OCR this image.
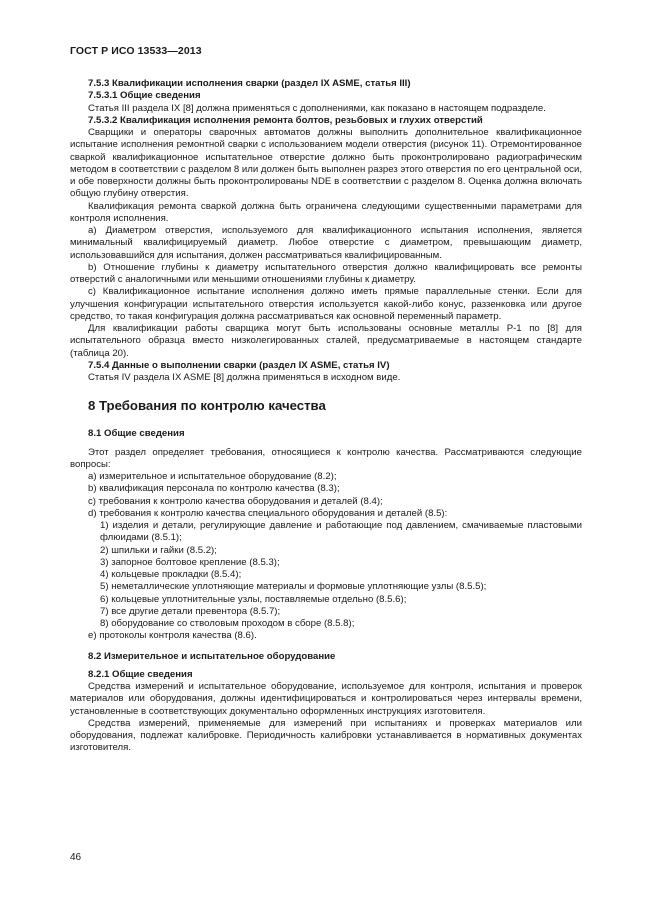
ГОСТ Р ИСО 13533—2013

7.5.3 Квалификации исполнения сварки (раздел IX ASME, статья III)

7.5.3.1 Общие сведения

Статья III раздела IX [8] должна применяться с дополнениями, как показано в настоящем подразделе.

7.5.3.2 Квалификация исполнения ремонта болтов, резьбовых и глухих отверстий

Сварщики и операторы сварочных автоматов должны выполнить дополнительное квалификационное испытание исполнения ремонтной сварки с использованием модели отверстия (рисунок 11). Отремонтированное сваркой квалификационное испытательное отверстие должно быть проконтролировано радиографическим методом в соответствии с разделом 8 или должен быть выполнен разрез этого отверстия по его центральной оси, и обе поверхности должны быть проконтролированы NDE в соответствии с разделом 8. Оценка должна включать общую глубину отверстия.

Квалификация ремонта сваркой должна быть ограничена следующими существенными параметрами для контроля исполнения.

а) Диаметром отверстия, используемого для квалификационного испытания исполнения, является минимальный квалифицируемый диаметр. Любое отверстие с диаметром, превышающим диаметр, использовавшийся для испытания, должен рассматриваться квалифицированным.

b) Отношение глубины к диаметру испытательного отверстия должно квалифицировать все ремонты отверстий с аналогичными или меньшими отношениями глубины к диаметру.

с) Квалификационное испытание исполнения должно иметь прямые параллельные стенки. Если для улучшения конфигурации испытательного отверстия используется какой-либо конус, раззенковка или другое средство, то такая конфигурация должна рассматриваться как основной переменный параметр.

Для квалификации работы сварщика могут быть использованы основные металлы P-1 по [8] для испытательного образца вместо низколегированных сталей, предусматриваемые в настоящем стандарте (таблица 20).

7.5.4 Данные о выполнении сварки (раздел IX ASME, статья IV)

Статья IV раздела IX ASME [8] должна применяться в исходном виде.

8 Требования по контролю качества

8.1 Общие сведения

Этот раздел определяет требования, относящиеся к контролю качества. Рассматриваются следующие вопросы:

а) измерительное и испытательное оборудование (8.2);

b) квалификация персонала по контролю качества (8.3);

с) требования к контролю качества оборудования и деталей (8.4);

d) требования к контролю качества специального оборудования и деталей (8.5):

1) изделия и детали, регулирующие давление и работающие под давлением, смачиваемые пластовыми флюидами (8.5.1);

2) шпильки и гайки (8.5.2);

3) запорное болтовое крепление (8.5.3);

4) кольцевые прокладки (8.5.4);

5) неметаллические уплотняющие материалы и формовые уплотняющие узлы (8.5.5);

6) кольцевые уплотнительные узлы, поставляемые отдельно (8.5.6);

7) все другие детали превентора (8.5.7);

8) оборудование со стволовым проходом в сборе (8.5.8);

е) протоколы контроля качества (8.6).

8.2 Измерительное и испытательное оборудование

8.2.1 Общие сведения

Средства измерений и испытательное оборудование, используемое для контроля, испытания и проверок материалов или оборудования, должны идентифицироваться и контролироваться через интервалы времени, установленные в соответствующих документально оформленных инструкциях изготовителя.

Средства измерений, применяемые для измерений при испытаниях и проверках материалов или оборудования, подлежат калибровке. Периодичность калибровки устанавливается в нормативных документах изготовителя.

46
